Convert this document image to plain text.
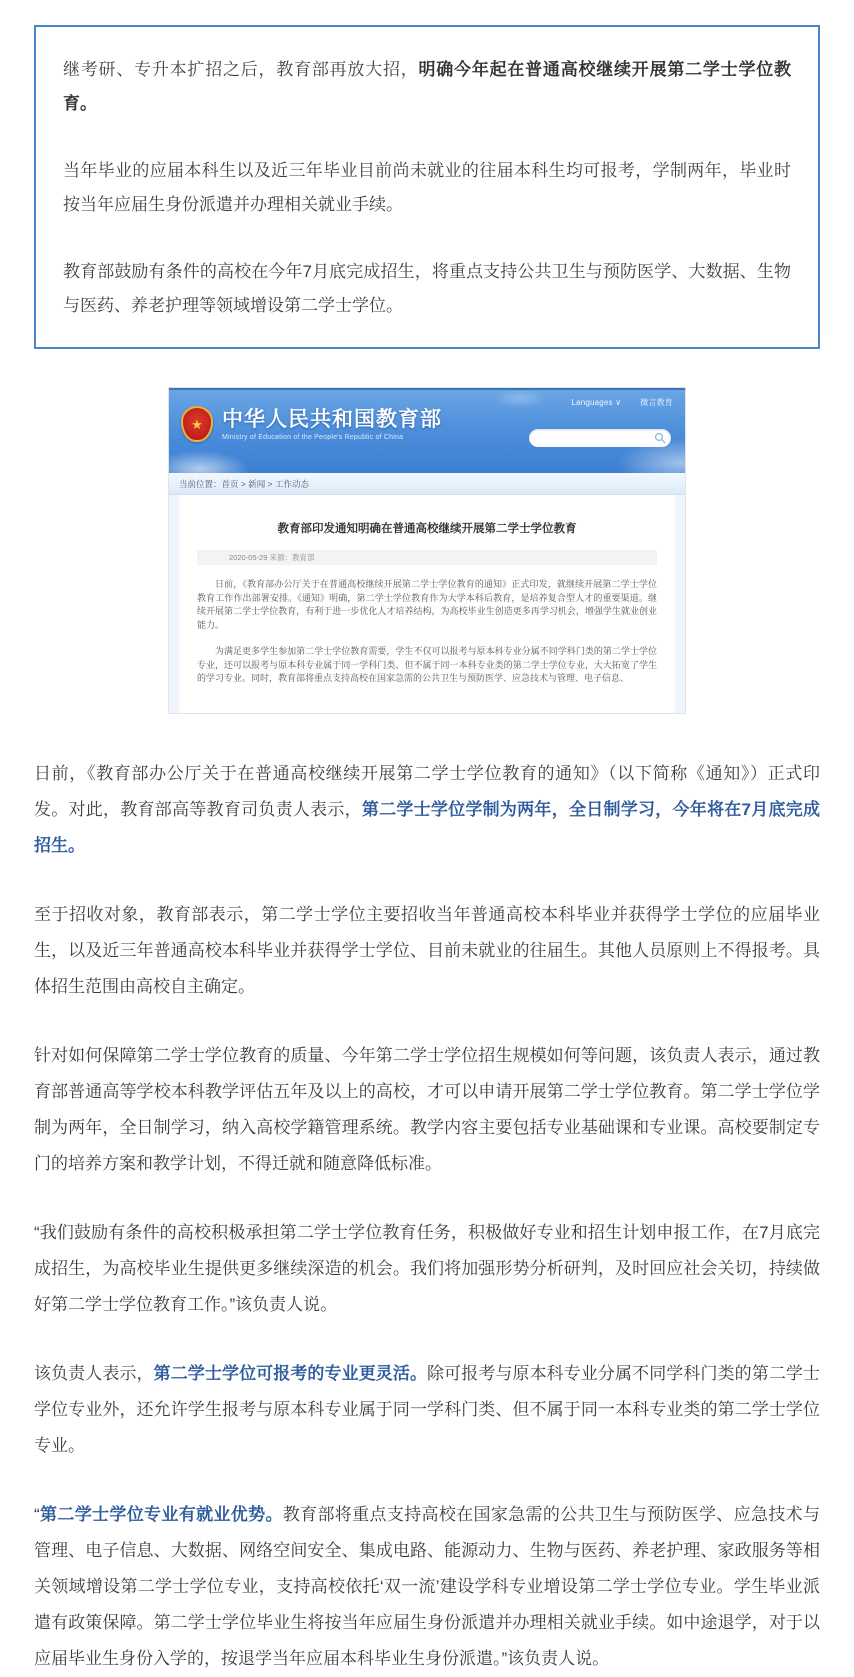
继考研、专升本扩招之后，教育部再放大招，明确今年起在普通高校继续开展第二学士学位教育。

当年毕业的应届本科生以及近三年毕业目前尚未就业的往届本科生均可报考，学制两年，毕业时按当年应届生身份派遣并办理相关就业手续。

教育部鼓励有条件的高校在今年7月底完成招生，将重点支持公共卫生与预防医学、大数据、生物与医药、养老护理等领域增设第二学士学位。

Languages ∨ 微言教育
★ 中华人民共和国教育部
Ministry of Education of the People's Republic of China
当前位置：首页 > 新闻 > 工作动态
教育部印发通知明确在普通高校继续开展第二学士学位教育
2020-05-29 来源：教育部

日前，《教育部办公厅关于在普通高校继续开展第二学士学位教育的通知》正式印发，就继续开展第二学士学位教育工作作出部署安排。《通知》明确，第二学士学位教育作为大学本科后教育，是培养复合型人才的重要渠道。继续开展第二学士学位教育，有利于进一步优化人才培养结构，为高校毕业生创造更多再学习机会，增强学生就业创业能力。

为满足更多学生参加第二学士学位教育需要，学生不仅可以报考与原本科专业分属不同学科门类的第二学士学位专业，还可以报考与原本科专业属于同一学科门类、但不属于同一本科专业类的第二学士学位专业，大大拓宽了学生的学习专业。同时，教育部将重点支持高校在国家急需的公共卫生与预防医学、应急技术与管理、电子信息、

日前，《教育部办公厅关于在普通高校继续开展第二学士学位教育的通知》（以下简称《通知》）正式印发。对此，教育部高等教育司负责人表示，第二学士学位学制为两年，全日制学习，今年将在7月底完成招生。

至于招收对象，教育部表示，第二学士学位主要招收当年普通高校本科毕业并获得学士学位的应届毕业生，以及近三年普通高校本科毕业并获得学士学位、目前未就业的往届生。其他人员原则上不得报考。具体招生范围由高校自主确定。

针对如何保障第二学士学位教育的质量、今年第二学士学位招生规模如何等问题，该负责人表示，通过教育部普通高等学校本科教学评估五年及以上的高校，才可以申请开展第二学士学位教育。第二学士学位学制为两年，全日制学习，纳入高校学籍管理系统。教学内容主要包括专业基础课和专业课。高校要制定专门的培养方案和教学计划，不得迁就和随意降低标准。

“我们鼓励有条件的高校积极承担第二学士学位教育任务，积极做好专业和招生计划申报工作，在7月底完成招生，为高校毕业生提供更多继续深造的机会。我们将加强形势分析研判，及时回应社会关切，持续做好第二学士学位教育工作。”该负责人说。

该负责人表示，第二学士学位可报考的专业更灵活。除可报考与原本科专业分属不同学科门类的第二学士学位专业外，还允许学生报考与原本科专业属于同一学科门类、但不属于同一本科专业类的第二学士学位专业。

“第二学士学位专业有就业优势。教育部将重点支持高校在国家急需的公共卫生与预防医学、应急技术与管理、电子信息、大数据、网络空间安全、集成电路、能源动力、生物与医药、养老护理、家政服务等相关领域增设第二学士学位专业，支持高校依托‘双一流’建设学科专业增设第二学士学位专业。学生毕业派遣有政策保障。第二学士学位毕业生将按当年应届生身份派遣并办理相关就业手续。如中途退学，对于以应届毕业生身份入学的，按退学当年应届本科毕业生身份派遣。”该负责人说。
